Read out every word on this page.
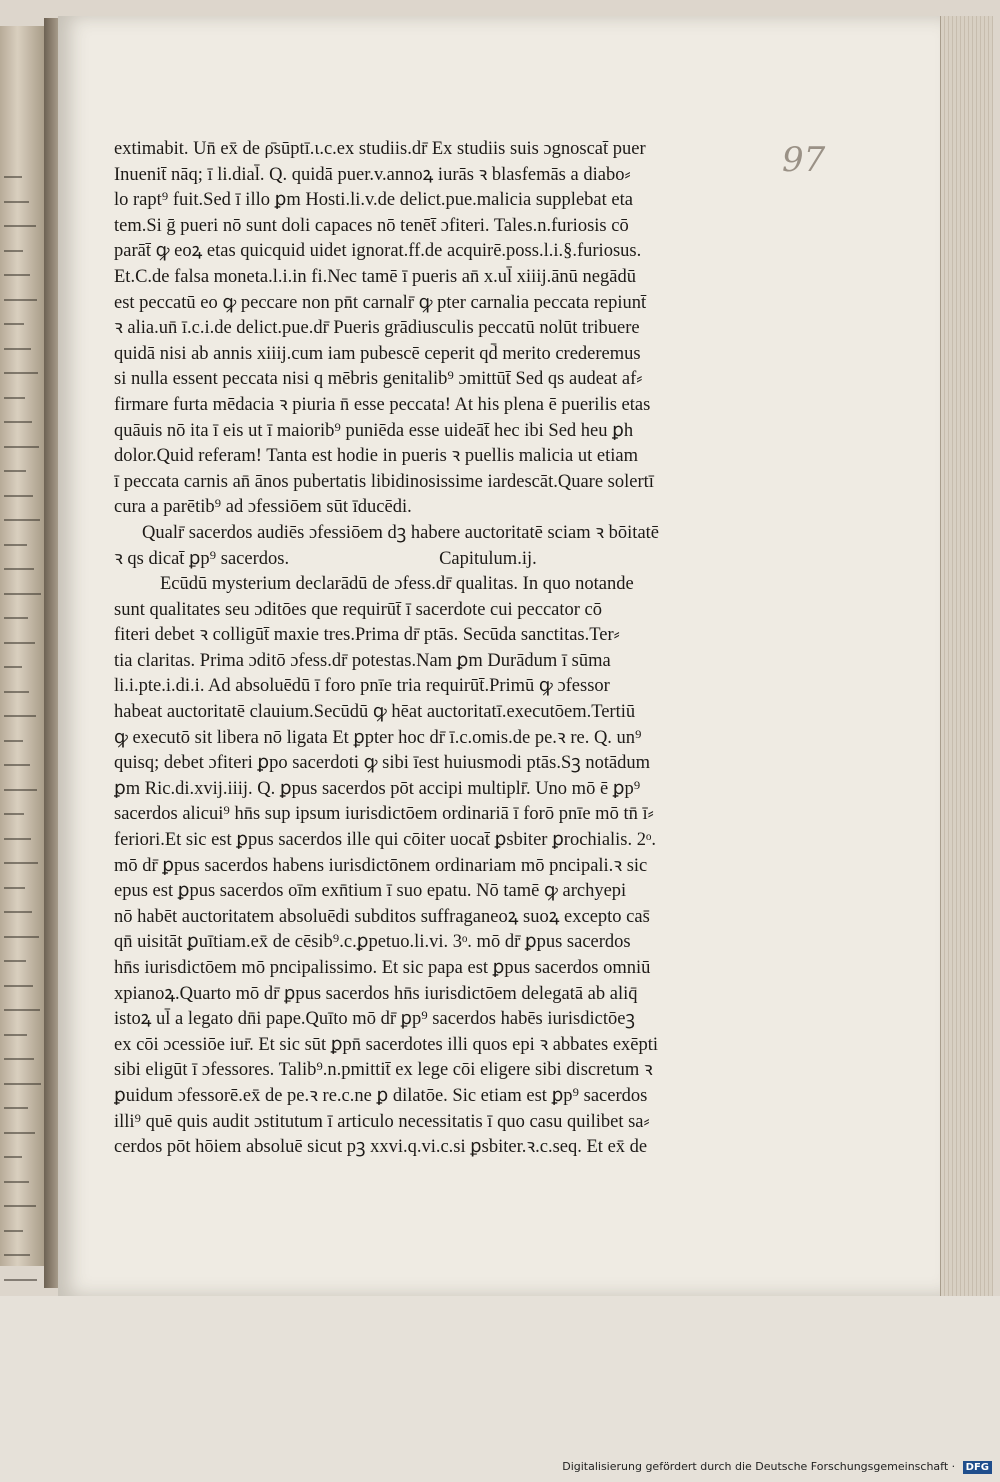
97
extimabit. Un̄ ex̄ de ρ̄sūptī.ι.c.ex studiis.dr̄ Ex studiis suis ɔgnoscat̄ puer
Inuenit̄ nāq; ī li.dial̄. Q. quidā puer.v.annoꝝ iurās ꝛ blasfemās a diabo⸗
lo rapt⁹ fuit.Sed ī illo ꝑm Hosti.li.v.de delict.pue.malicia supplebat eta
tem.Si ḡ pueri nō sunt doli capaces nō tenēt̄ ɔfiteri. Tales.n.furiosis cō
parāt̄ ꝙ eoꝝ etas quicquid uidet ignorat.ff.de acquirē.poss.l.i.§.furiosus.
Et.C.de falsa moneta.l.i.in fi.Nec tamē ī pueris an̄ x.ul̄ xiiij.ānū negādū
est peccatū eo ꝙ peccare non pn̄t carnalr̄ ꝙ pter carnalia peccata repiunt̄
ꝛ alia.un̄ ī.c.i.de delict.pue.dr̄ Pueris grādiusculis peccatū nolūt tribuere
quidā nisi ab annis xiiij.cum iam pubescē ceperit qd̄ merito crederemus
si nulla essent peccata nisi q mēbris genitalib⁹ ɔmittūt̄ Sed qs audeat af⸗
firmare furta mēdacia ꝛ piuria n̄ esse peccata! At his plena ē puerilis etas
quāuis nō ita ī eis ut ī maiorib⁹ puniēda esse uideāt̄ hec ibi Sed heu ꝑh
dolor.Quid referam! Tanta est hodie in pueris ꝛ puellis malicia ut etiam
ī peccata carnis an̄ ānos pubertatis libidinosissime iardescāt.Quare solertī
cura a parētib⁹ ad ɔfessiōem sūt īducēdi.
Qualr̄ sacerdos audiēs ɔfessiōem dꝫ habere auctoritatē sciam ꝛ bōitatē
ꝛ qs dicat̄ ꝑp⁹ sacerdos.	Capitulum.ij.
Ecūdū mysterium declarādū de ɔfess.dr̄ qualitas. In quo notande
sunt qualitates seu ɔditōes que requirūt̄ ī sacerdote cui peccator cō
fiteri debet ꝛ colligūt̄ maxie tres.Prima dr̄ ptās. Secūda sanctitas.Ter⸗
tia claritas. Prima ɔditō ɔfess.dr̄ potestas.Nam ꝑm Durādum ī sūma
li.i.pte.i.di.i. Ad absoluēdū ī foro pnīe tria requirūt̄.Primū ꝙ ɔfessor
habeat auctoritatē clauium.Secūdū ꝙ hēat auctoritatī.executōem.Tertiū
ꝙ executō sit libera nō ligata Et ꝑpter hoc dr̄ ī.c.omis.de pe.ꝛ re. Q. un⁹
quisq; debet ɔfiteri ꝑpo sacerdoti ꝙ sibi īest huiusmodi ptās.Sꝫ notādum
ꝑm Ric.di.xvij.iiij. Q. ꝑpus sacerdos pōt accipi multiplr̄. Uno mō ē ꝑp⁹
sacerdos alicui⁹ hn̄s sup ipsum iurisdictōem ordinariā ī forō pnīe mō tn̄ ī⸗
feriori.Et sic est ꝑpus sacerdos ille qui cōiter uocat̄ ꝑsbiter ꝑrochialis. 2ᵒ.
mō dr̄ ꝑpus sacerdos habens iurisdictōnem ordinariam mō pncipali.ꝛ sic
epus est ꝑpus sacerdos oīm exn̄tium ī suo epatu. Nō tamē ꝙ archyepi
nō habēt auctoritatem absoluēdi subditos suffraganeoꝝ suoꝝ excepto cas̄
qn̄ uisitāt ꝑuītiam.ex̄ de cēsib⁹.c.ꝑpetuo.li.vi. 3ᵒ. mō dr̄ ꝑpus sacerdos
hn̄s iurisdictōem mō pncipalissimo. Et sic papa est ꝑpus sacerdos omniū
xpianoꝝ.Quarto mō dr̄ ꝑpus sacerdos hn̄s iurisdictōem delegatā ab aliq̄
istoꝝ ul̄ a legato dn̄i pape.Quīto mō dr̄ ꝑp⁹ sacerdos habēs iurisdictōeꝫ
ex cōi ɔcessiōe iur̄. Et sic sūt ꝑpn̄ sacerdotes illi quos epi ꝛ abbates exēpti
sibi eligūt ī ɔfessores. Talib⁹.n.pmittit̄ ex lege cōi eligere sibi discretum ꝛ
ꝑuidum ɔfessorē.ex̄ de pe.ꝛ re.c.ne ꝑ dilatōe. Sic etiam est ꝑp⁹ sacerdos
illi⁹ quē quis audit ɔstitutum ī articulo necessitatis ī quo casu quilibet sa⸗
cerdos pōt hōiem absoluē sicut pꝫ xxvi.q.vi.c.si ꝑsbiter.ꝛ.c.seq. Et ex̄ de
Digitalisierung gefördert durch die Deutsche Forschungsgemeinschaft · DFG
